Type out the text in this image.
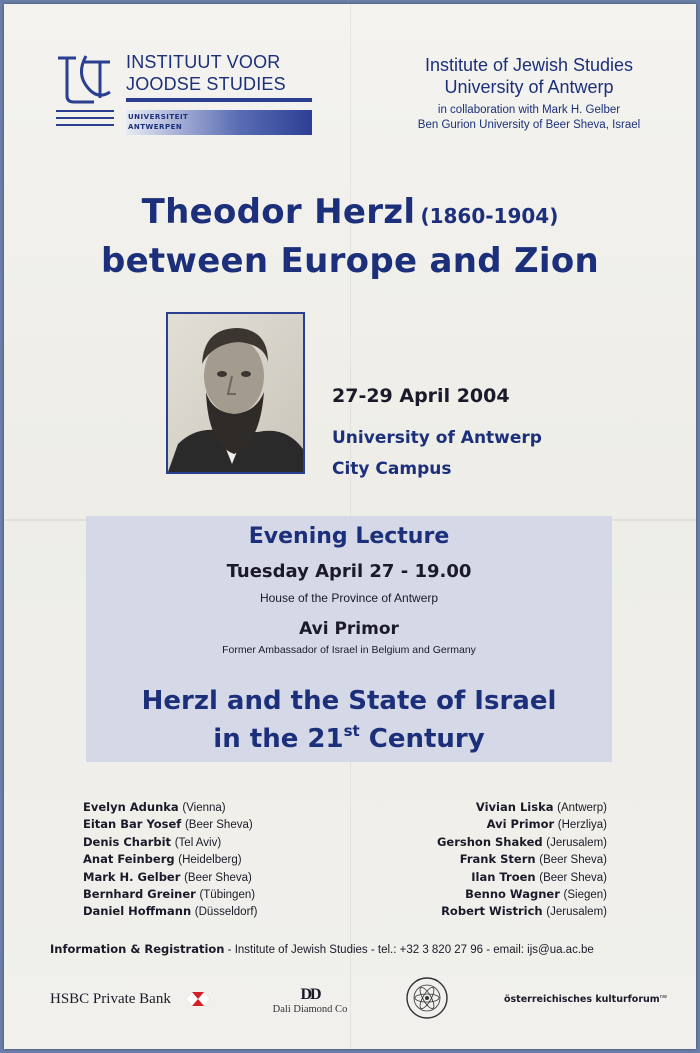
INSTITUUT VOOR
JOODSE STUDIES
UNIVERSITEIT
ANTWERPEN
Institute of Jewish Studies
University of Antwerp
in collaboration with Mark H. Gelber
Ben Gurion University of Beer Sheva, Israel
Theodor Herzl (1860-1904)
between Europe and Zion
27-29 April 2004
University of Antwerp
City Campus
Evening Lecture
Tuesday April 27 - 19.00
House of the Province of Antwerp
Avi Primor
Former Ambassador of Israel in Belgium and Germany
Herzl and the State of Israel
in the 21st Century
Evelyn Adunka (Vienna)
Eitan Bar Yosef (Beer Sheva)
Denis Charbit (Tel Aviv)
Anat Feinberg (Heidelberg)
Mark H. Gelber (Beer Sheva)
Bernhard Greiner (Tübingen)
Daniel Hoffmann (Düsseldorf)
Vivian Liska (Antwerp)
Avi Primor (Herzliya)
Gershon Shaked (Jerusalem)
Frank Stern (Beer Sheva)
Ilan Troen (Beer Sheva)
Benno Wagner (Siegen)
Robert Wistrich (Jerusalem)
Information & Registration - Institute of Jewish Studies - tel.: +32 3 820 27 96 - email: ijs@ua.ac.be
HSBC Private Bank	DD
Dali Diamond Co
österreichisches kulturforum$^{nw}$
